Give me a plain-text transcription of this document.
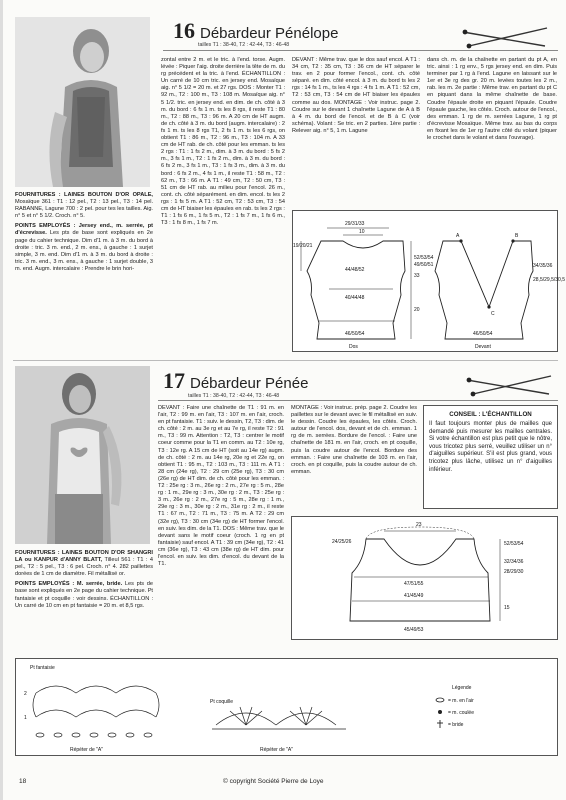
16 Débardeur Pénélope
tailles T1 : 38-40, T2 : 42-44, T3 : 46-48

FOURNITURES : LAINES BOUTON D'OR OPALE, Mosaïque 361 : T1 : 12 pel., T2 : 13 pel., T3 : 14 pel. RABANNE, Lagune 700 : 2 pel. pour tes les tailles. Aig. n° 5 et n° 5 1/2. Croch. n° 5.

POINTS EMPLOYÉS : Jersey end., m. serrée, pt d'écrevisse. Les pts de base sont expliqués en 2e page du cahier technique. Dim d'1 m. à 3 m. du bord à droite : tric. 3 m. end., 2 m. ens., à gauche : 1 surjet simple, 3 m. end. Dim d'1 m. à 3 m. du bord à droite : tric. 3 m. end., 3 m. ens., à gauche : 1 surjet double, 3 m. end. Augm. intercalaire : Prendre le brin hori-

zontal entre 2 m. et le tric. à l'end. torse. Augm. lévée : Piquer l'aig. droite derrière la tête de m. du rg précédent et la tric. à l'end. ÉCHANTILLON : Un carré de 10 cm tric. en jersey end. Mosaïque aig. n° 5 1/2 = 20 m. et 27 rgs. DOS : Monter T1 : 92 m., T2 : 100 m., T3 : 108 m. Mosaïque aig. n° 5 1/2. tric. en jersey end. en dim. de ch. côté à 3 m. du bord : 6 fs 1 m. ts les 8 rgs, il reste T1 : 80 m., T2 : 88 m., T3 : 96 m. A 20 cm de HT augm. de ch. côté à 3 m. du bord (augm. intercalaire) : 2 fs 1 m. ts les 8 rgs T1, 2 fs 1 m. ts les 6 rgs, on obtient T1 : 86 m., T2 : 96 m., T3 : 104 m. A 33 cm de HT rab. de ch. côté pour les emman. ts les 2 rgs : T1 : 1 fs 2 m., dim. à 3 m. du bord : 5 fs 2 m., 3 fs 1 m., T2 : 1 fs 2 m., dim. à 3 m. du bord : 6 fs 2 m., 3 fs 1 m., T3 : 1 fs 3 m., dim. à 3 m. du bord : 6 fs 2 m., 4 fs 1 m., il reste T1 : 58 m., T2 : 62 m., T3 : 66 m. A T1 : 49 cm, T2 : 50 cm, T3 : 51 cm de HT rab. au milieu pour l'encol. 26 m., cont. ch. côté séparément. en dim. encol. ts les 2 rgs : 1 fs 5 m. A T1 : 52 cm, T2 : 53 cm, T3 : 54 cm de HT biaiser les épaules en rab. ts les 2 rgs : T1 : 1 fs 6 m., 1 fs 5 m., T2 : 1 fs 7 m., 1 fs 6 m., T3 : 1 fs 8 m., 1 fs 7 m.
DEVANT : Même trav. que le dos sauf encol. A T1 : 34 cm, T2 : 35 cm, T3 : 36 cm de HT séparer le trav. en 2 pour former l'encol., cont. ch. côté séparé. en dim. côté encol. à 3 m. du bord ts les 2 rgs : 14 fs 1 m., ts les 4 rgs : 4 fs 1 m. A T1 : 52 cm, T2 : 53 cm, T3 : 54 cm de HT biaiser les épaules comme au dos. MONTAGE : Voir instruc. page 2. Coudre sur le devant 1 chaînette Lagune de A à B à 4 m. du bord de l'encol. et de B à C (voir schéma). Volant : Se tric. en 2 parties. 1ère partie : Relever aig. n° 5, 1 m. Lagune
dans ch. m. de la chaînette en partant du pt A, en tric. ainsi : 1 rg env., 5 rgs jersey end. en dim. Puis terminer par 1 rg à l'end. Lagune en laissant sur le 1er et 3e rg des gr. 20 m. levées toutes les 2 m., rab. les m. 2e partie : Même trav. en partant du pt C en piquant dans la même chaînette de base. Coudre l'épaule droite en piquant l'épaule. Coudre l'épaule gauche, les côtés. Croch. autour de l'encol., des emman. 1 rg de m. serrées Lagune, 1 rg pt d'écrevisse Mosaïque. Même trav. au bas du corps en fixant les de 1er rg l'autre côté du volant (piquer le crochet dans le volant et dans l'ouvrage).
29/31/33
10
19/20/21
52/53/54
49/50/51
33
20
44/48/52
40/44/48
46/50/54
Dos
A	B
C
34/35/36
28,5/29,5/30,5
46/50/54
Devant
17 Débardeur Pénée
tailles T1 : 38-40, T2 : 42-44, T3 : 46-48

FOURNITURES : LAINES BOUTON D'OR SHANGRI LA ou KANPUR d'ANNY BLATT, Tilleul 561 : T1 : 4 pel., T2 : 5 pel., T3 : 6 pel. Croch. n° 4. 282 paillettes dorées de 1 cm de diamètre. Fil métallisé or.

POINTS EMPLOYÉS : M. serrée, bride. Les pts de base sont expliqués en 2e page du cahier technique. Pt fantaisie et pt coquille : voir dessins. ÉCHANTILLON : Un carré de 10 cm en pt fantaisie = 20 m. et 8,5 rgs.

DEVANT : Faire une chaînette de T1 : 91 m. en l'air, T2 : 99 m. en l'air, T3 : 107 m. en l'air, croch. en pt fantaisie. T1 : suiv. le dessin, T2, T3 : dim. de ch. côté : 2 m. au 3e rg et au 7e rg, il reste T2 : 91 m., T3 : 99 m. Attention : T2, T3 : centrer le motif coeur comme pour la T1 en comm. au T2 : 10e rg, T3 : 12e rg. A 15 cm de HT (soit au 14e rg) augm. de ch. côté : 2 m. au 14e rg, 20e rg et 22e rg, on obtient T1 : 95 m., T2 : 103 m., T3 : 111 m. A T1 : 28 cm (24e rg), T2 : 29 cm (25e rg), T3 : 30 cm (26e rg) de HT dim. de ch. côté pour les emman. : T2 : 25e rg : 3 m., 26e rg : 2 m., 27e rg : 5 m., 28e rg : 1 m., 29e rg : 3 m., 30e rg : 2 m., T3 : 25e rg : 3 m., 26e rg : 2 m., 27e rg : 5 m., 28e rg : 1 m., 29e rg : 3 m., 30e rg : 2 m., 31e rg : 2 m., il reste T1 : 67 m., T2 : 71 m., T3 : 75 m. A T2 : 29 cm (32e rg), T3 : 30 cm (34e rg) de HT former l'encol. en suiv. les dim. de la T1. DOS : Même trav. que le devant sans le motif coeur (croch. 1 rg en pt fantaisie) sauf encol. A T1 : 39 cm (34e rg), T2 : 41 cm (36e rg), T3 : 43 cm (38e rg) de HT dim. pour l'encol. en suiv. les dim. d'encol. du devant de la T1.
MONTAGE : Voir instruc. prép. page 2. Coudre les paillettes sur le devant avec le fil métallisé en suiv. le dessin. Coudre les épaules, les côtés. Croch. autour de l'encol. dos, devant et de ch. emman. 1 rg de m. serrées. Bordure de l'encol. : Faire une chaînette de 181 m. en l'air, croch. en pt coquille, puis la coudre autour de l'encol. Bordure des emman. : Faire une chaînette de 103 m. en l'air, croch. en pt coquille, puis la coudre autour de ch. emman.
CONSEIL : L'ÉCHANTILLON
Il faut toujours monter plus de mailles que demandé puis mesurer les mailles centrales. Si votre échantillon est plus petit que le nôtre, vous tricotez plus serré, veuillez utiliser un n° d'aiguilles supérieur. S'il est plus grand, vous tricotez plus lâche, utilisez un n° d'aiguilles inférieur.
23
24/25/26	52/53/54
47/51/55
32/34/36
28/29/30
41/45/49
15
45/49/53
Pt fantaisie
2
1
Répéter de "A"
Pt coquille
Répéter de "A"
Légende
= m. en l'air
= m. coulée
= bride
18	© copyright Société Pierre de Loye
